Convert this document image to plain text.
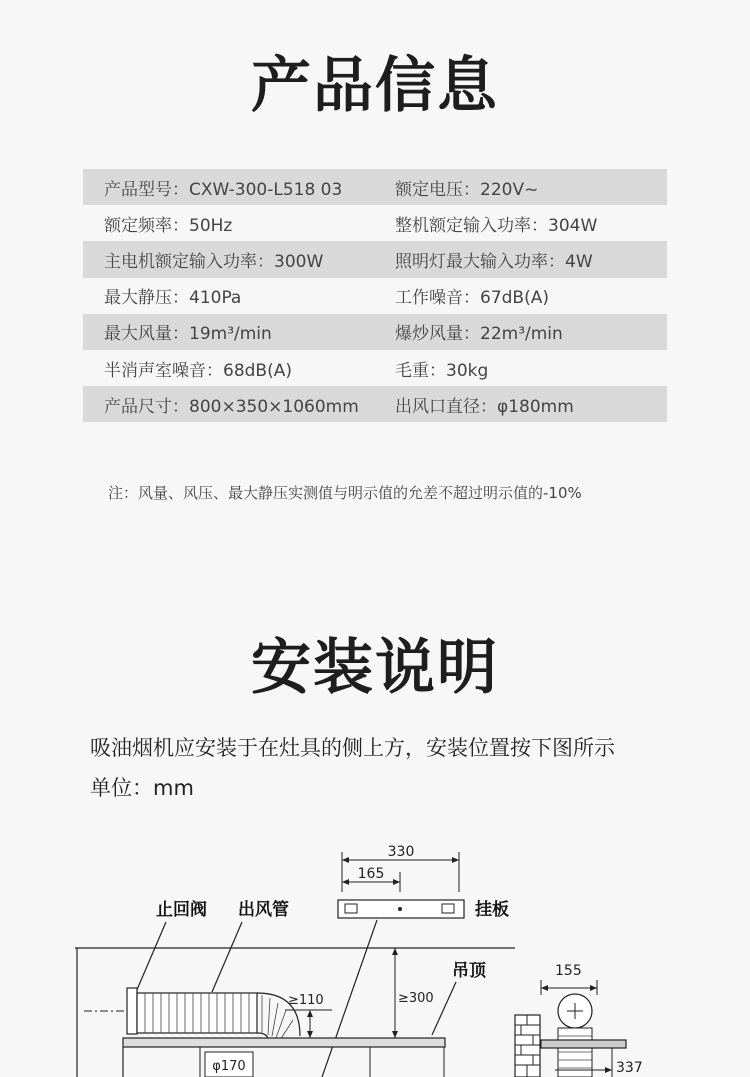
产品信息
产品型号：CXW-300-L518 03	额定电压：220V~
额定频率：50Hz	整机额定输入功率：304W
主电机额定输入功率：300W	照明灯最大输入功率：4W
最大静压：410Pa	工作噪音：67dB(A)
最大风量：19m³/min	爆炒风量：22m³/min
半消声室噪音：68dB(A)	毛重：30kg
产品尺寸：800×350×1060mm	出风口直径：φ180mm
注：风量、风压、最大静压实测值与明示值的允差不超过明示值的-10%
安装说明
吸油烟机应安装于在灶具的侧上方，安装位置按下图所示
单位：mm
330
165
挂板
止回阀 出风管
吊顶
≥110	≥300
φ170
155
337
